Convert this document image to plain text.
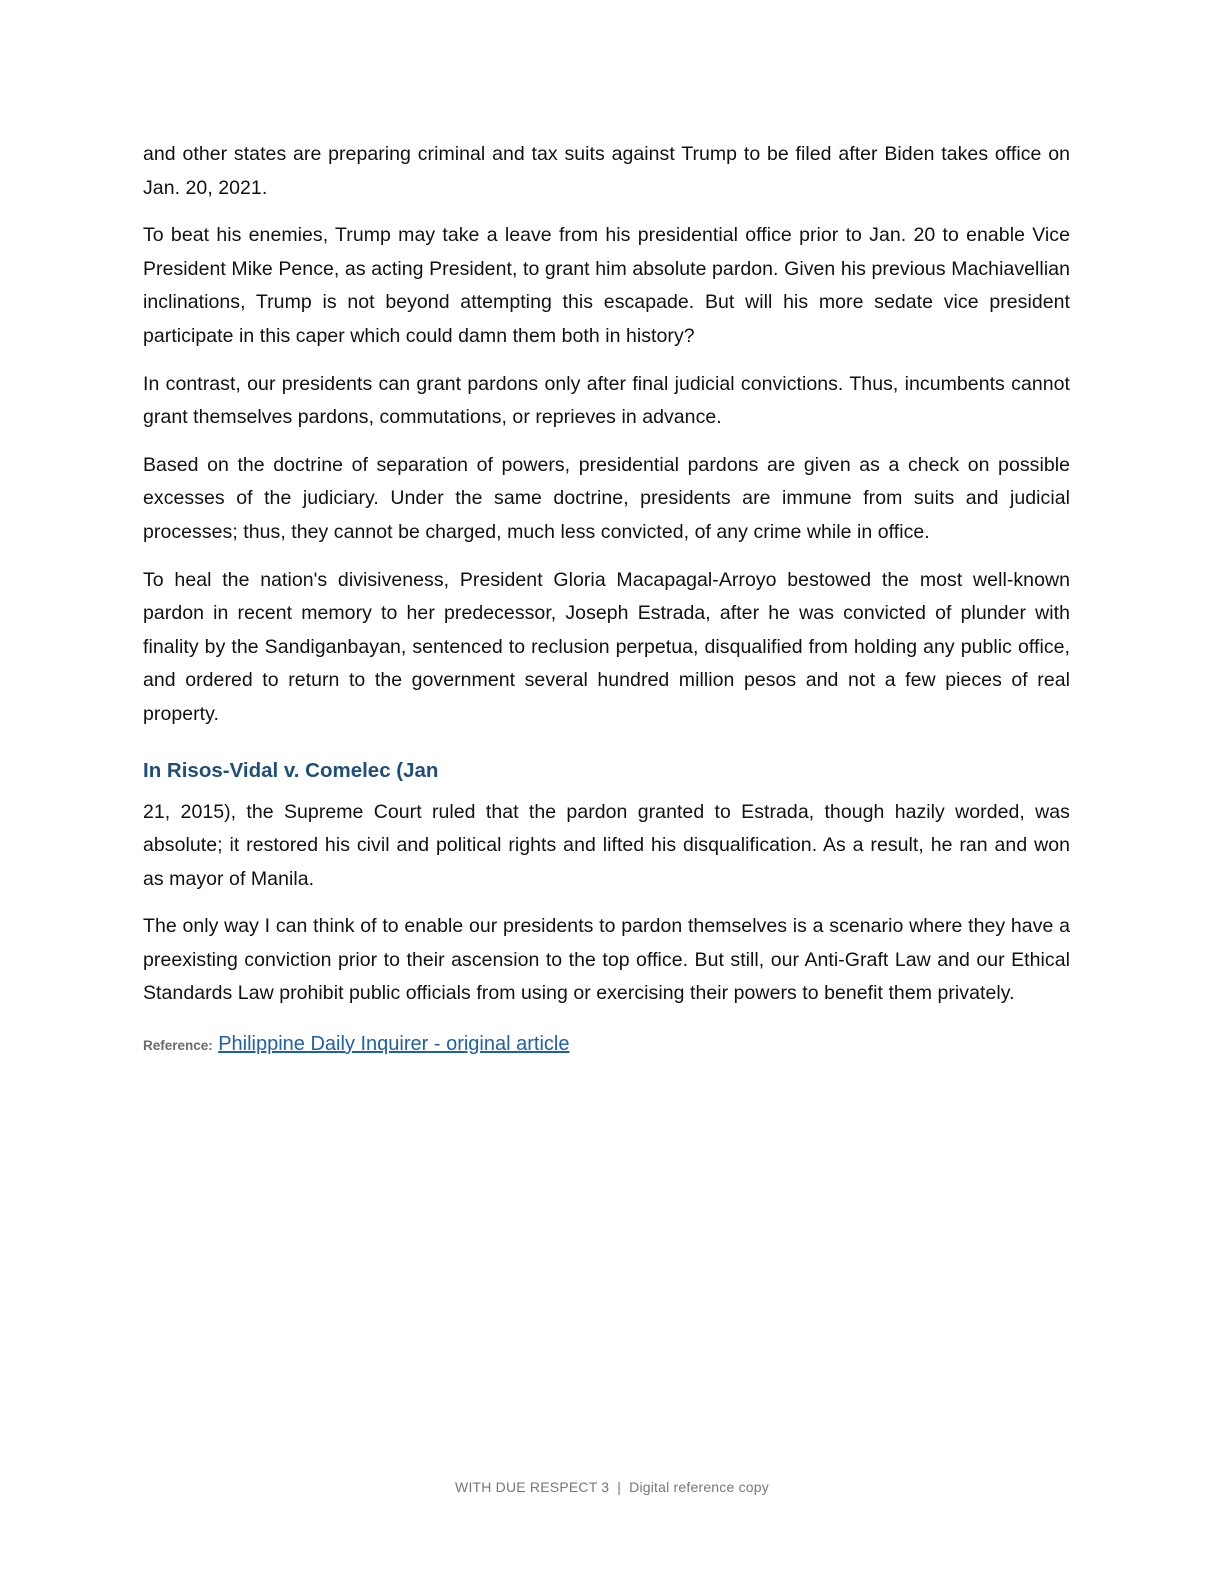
and other states are preparing criminal and tax suits against Trump to be filed after Biden takes office on Jan. 20, 2021.

To beat his enemies, Trump may take a leave from his presidential office prior to Jan. 20 to enable Vice President Mike Pence, as acting President, to grant him absolute pardon. Given his previous Machiavellian inclinations, Trump is not beyond attempting this escapade. But will his more sedate vice president participate in this caper which could damn them both in history?

In contrast, our presidents can grant pardons only after final judicial convictions. Thus, incumbents cannot grant themselves pardons, commutations, or reprieves in advance.

Based on the doctrine of separation of powers, presidential pardons are given as a check on possible excesses of the judiciary. Under the same doctrine, presidents are immune from suits and judicial processes; thus, they cannot be charged, much less convicted, of any crime while in office.

To heal the nation's divisiveness, President Gloria Macapagal-Arroyo bestowed the most well-known pardon in recent memory to her predecessor, Joseph Estrada, after he was convicted of plunder with finality by the Sandiganbayan, sentenced to reclusion perpetua, disqualified from holding any public office, and ordered to return to the government several hundred million pesos and not a few pieces of real property.

In Risos-Vidal v. Comelec (Jan

21, 2015), the Supreme Court ruled that the pardon granted to Estrada, though hazily worded, was absolute; it restored his civil and political rights and lifted his disqualification. As a result, he ran and won as mayor of Manila.

The only way I can think of to enable our presidents to pardon themselves is a scenario where they have a preexisting conviction prior to their ascension to the top office. But still, our Anti-Graft Law and our Ethical Standards Law prohibit public officials from using or exercising their powers to benefit them privately.

Reference: Philippine Daily Inquirer - original article
WITH DUE RESPECT 3 | Digital reference copy
